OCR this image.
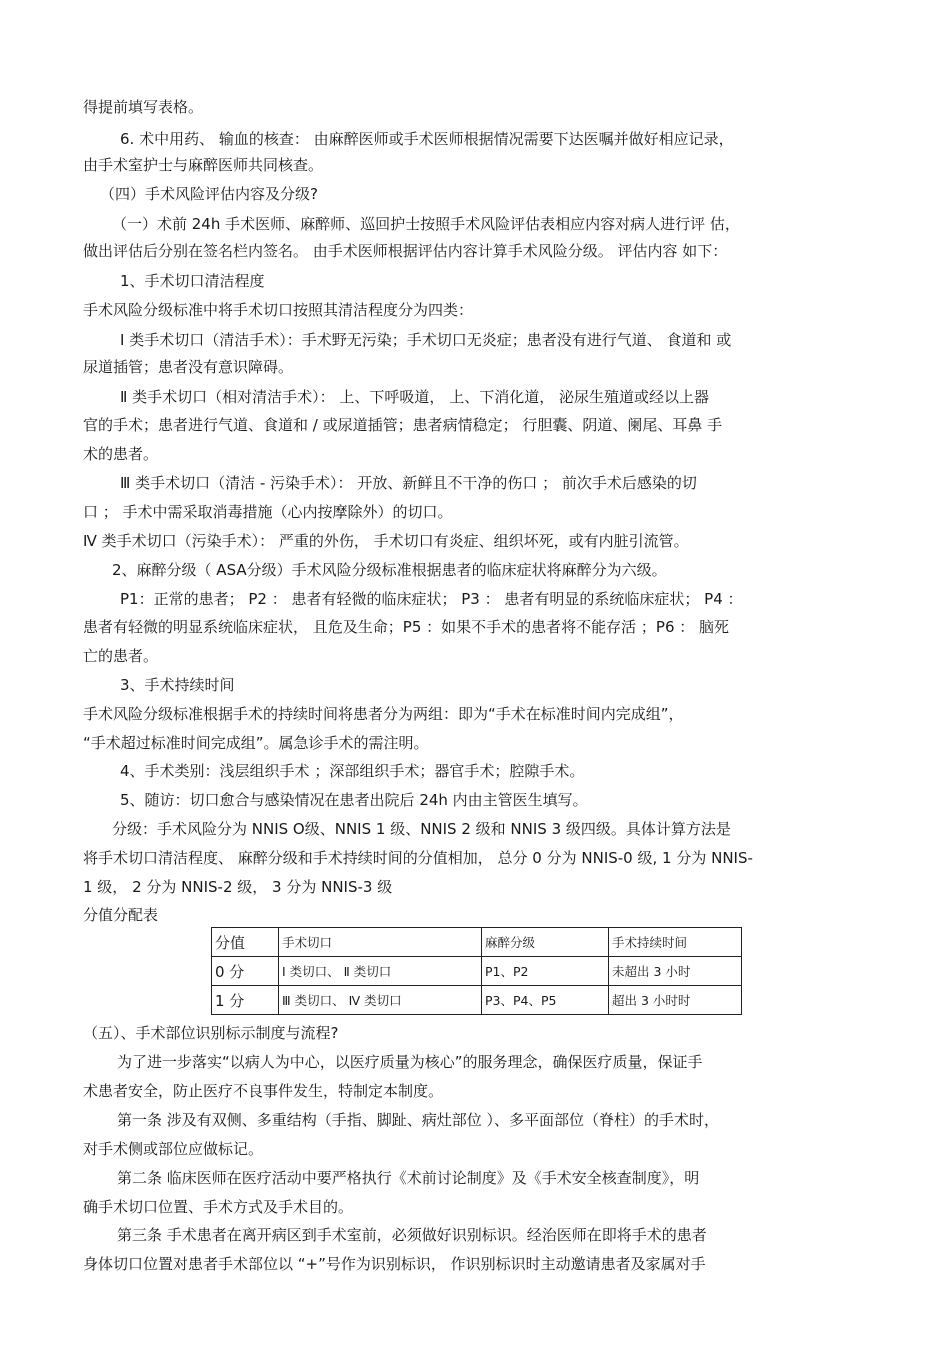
得提前填写表格。
6. 术中用药、 输血的核查： 由麻醉医师或手术医师根据情况需要下达医嘱并做好相应记录，
由手术室护士与麻醉医师共同核查。
（四）手术风险评估内容及分级?
（一）术前 24h 手术医师、麻醉师、巡回护士按照手术风险评估表相应内容对病人进行评 估，
做出评估后分别在签名栏内签名。 由手术医师根据评估内容计算手术风险分级。 评估内容 如下：
1、手术切口清洁程度
手术风险分级标准中将手术切口按照其清洁程度分为四类：
Ⅰ 类手术切口（清洁手术）：手术野无污染；手术切口无炎症；患者没有进行气道、 食道和 或
尿道插管；患者没有意识障碍。
Ⅱ 类手术切口（相对清洁手术）： 上、下呼吸道， 上、下消化道， 泌尿生殖道或经以上器
官的手术；患者进行气道、食道和 / 或尿道插管；患者病情稳定； 行胆囊、阴道、阑尾、耳鼻 手
术的患者。
Ⅲ 类手术切口（清洁 - 污染手术）： 开放、新鲜且不干净的伤口 ； 前次手术后感染的切
口 ； 手术中需采取消毒措施（心内按摩除外）的切口。
Ⅳ 类手术切口（污染手术）： 严重的外伤， 手术切口有炎症、组织坏死，或有内脏引流管。
2、麻醉分级（ ASA分级）手术风险分级标准根据患者的临床症状将麻醉分为六级。
P1：正常的患者； P2 ： 患者有轻微的临床症状； P3 ： 患者有明显的系统临床症状； P4 ：
患者有轻微的明显系统临床症状， 且危及生命；P5 ：如果不手术的患者将不能存活 ；P6 ： 脑死
亡的患者。
3、手术持续时间
手术风险分级标准根据手术的持续时间将患者分为两组：即为“手术在标准时间内完成组”，
“手术超过标准时间完成组”。属急诊手术的需注明。
4、手术类别：浅层组织手术 ；深部组织手术；器官手术；腔隙手术。
5、随访：切口愈合与感染情况在患者出院后 24h 内由主管医生填写。
分级：手术风险分为 NNIS O级、NNIS 1 级、NNIS 2 级和 NNIS 3 级四级。具体计算方法是
将手术切口清洁程度、 麻醉分级和手术持续时间的分值相加， 总分 0 分为 NNIS-0 级, 1 分为 NNIS-
1 级， 2 分为 NNIS-2 级， 3 分为 NNIS-3 级
分值分配表
分值	手术切口	麻醉分级	手术持续时间
0 分	Ⅰ 类切口、 Ⅱ 类切口	P1、P2	未超出 3 小时
1 分	Ⅲ 类切口、 Ⅳ 类切口	P3、P4、P5	超出 3 小时时
（五）、手术部位识别标示制度与流程?
为了进一步落实“以病人为中心，以医疗质量为核心”的服务理念，确保医疗质量，保证手
术患者安全，防止医疗不良事件发生，特制定本制度。
第一条 涉及有双侧、多重结构（手指、脚趾、病灶部位 ）、多平面部位（脊柱）的手术时，
对手术侧或部位应做标记。
第二条 临床医师在医疗活动中要严格执行《术前讨论制度》及《手术安全核查制度》，明
确手术切口位置、手术方式及手术目的。
第三条 手术患者在离开病区到手术室前，必须做好识别标识。经治医师在即将手术的患者
身体切口位置对患者手术部位以 “+”号作为识别标识， 作识别标识时主动邀请患者及家属对手
